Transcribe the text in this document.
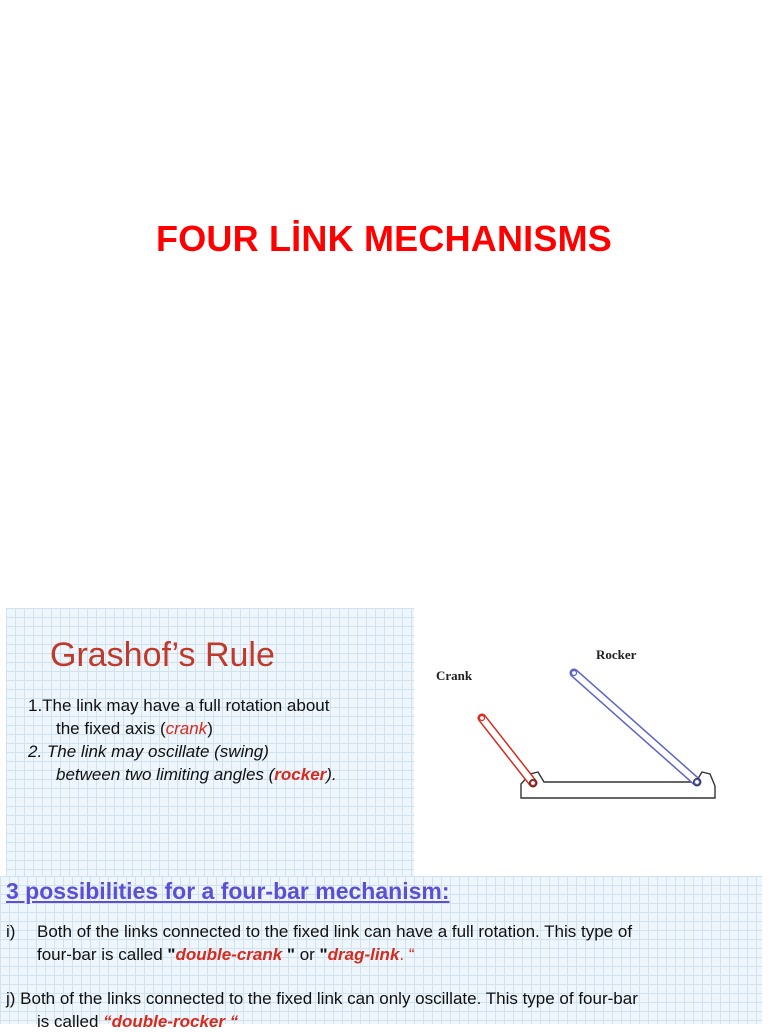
FOUR LİNK MECHANISMS
Grashof’s Rule
1.The link may have a full rotation about
the fixed axis (crank)
2. The link may oscillate (swing)
between two limiting angles (rocker).
Crank
Rocker
3 possibilities for a four-bar mechanism:
i) Both of the links connected to the fixed link can have a full rotation. This type of
four-bar is called "double-crank " or "drag-link. “
j) Both of the links connected to the fixed link can only oscillate. This type of four-bar
is called “double-rocker “
